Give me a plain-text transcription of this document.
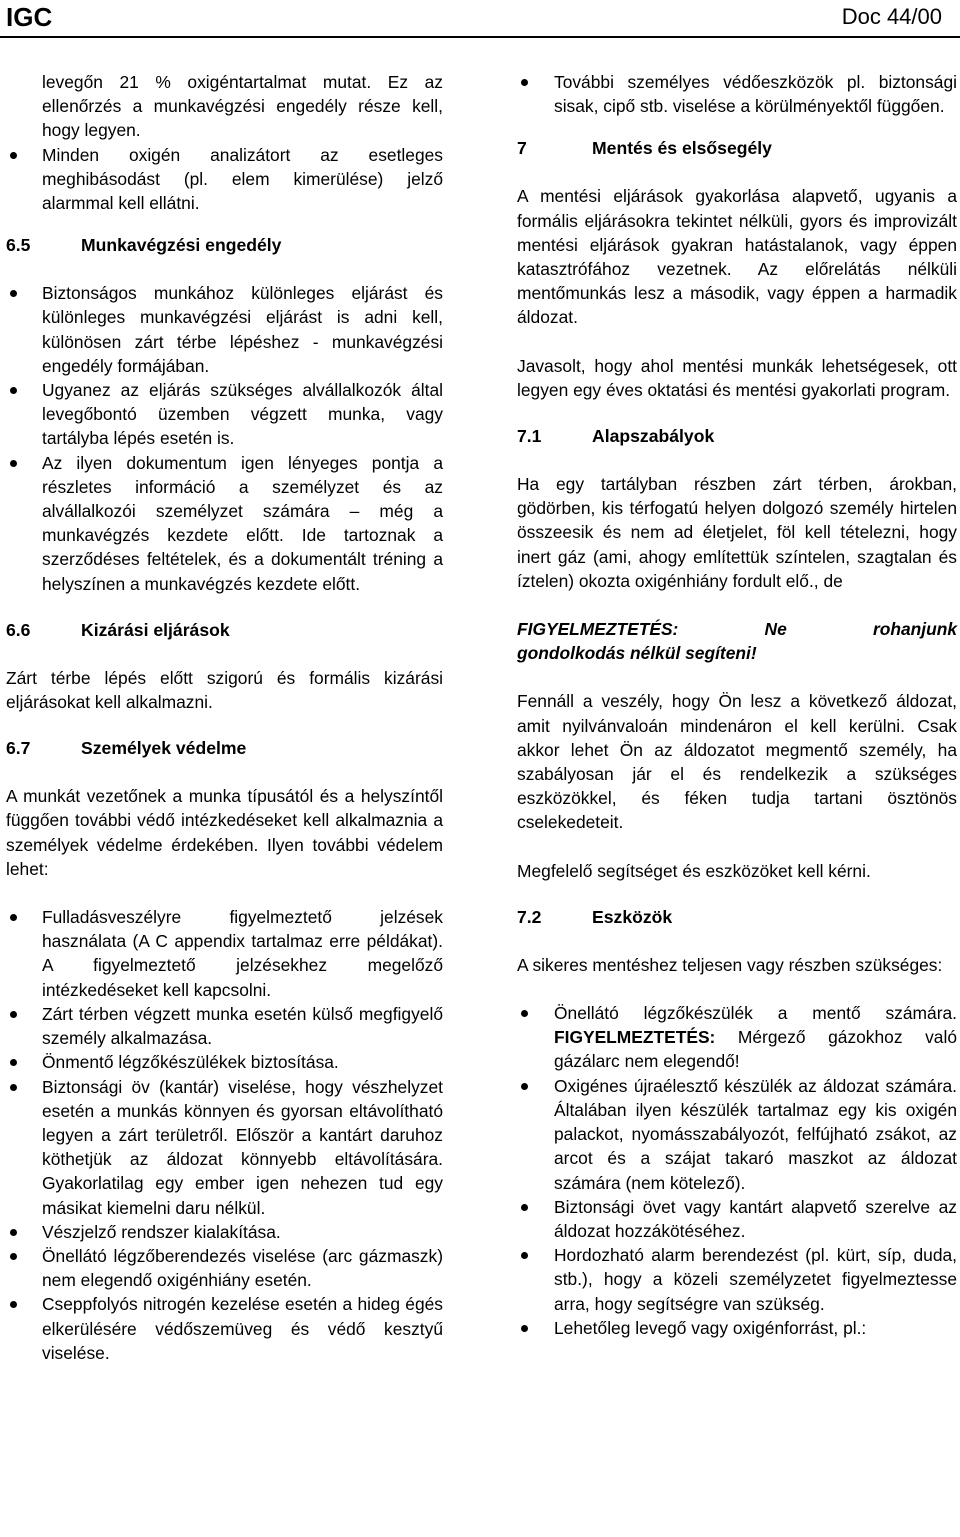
IGC	Doc 44/00
levegőn 21 % oxigéntartalmat mutat. Ez az ellenőrzés a munkavégzési engedély része kell, hogy legyen.
Minden oxigén analizátort az esetleges meghibásodást (pl. elem kimerülése) jelző alarmmal kell ellátni.
6.5	Munkavégzési engedély
Biztonságos munkához különleges eljárást és különleges munkavégzési eljárást is adni kell, különösen zárt térbe lépéshez - munkavégzési engedély formájában.
Ugyanez az eljárás szükséges alvállalkozók által levegőbontó üzemben végzett munka, vagy tartályba lépés esetén is.
Az ilyen dokumentum igen lényeges pontja a részletes információ a személyzet és az alvállalkozói személyzet számára – még a munkavégzés kezdete előtt. Ide tartoznak a szerződéses feltételek, és a dokumentált tréning a helyszínen a munkavégzés kezdete előtt.
6.6	Kizárási eljárások

Zárt térbe lépés előtt szigorú és formális kizárási eljárásokat kell alkalmazni.

6.7	Személyek védelme

A munkát vezetőnek a munka típusától és a helyszíntől függően további védő intézkedéseket kell alkalmaznia a személyek védelme érdekében. Ilyen további védelem lehet:

Fulladásveszélyre figyelmeztető jelzések használata (A C appendix tartalmaz erre példákat). A figyelmeztető jelzésekhez megelőző intézkedéseket kell kapcsolni.
Zárt térben végzett munka esetén külső megfigyelő személy alkalmazása.
Önmentő légzőkészülékek biztosítása.
Biztonsági öv (kantár) viselése, hogy vészhelyzet esetén a munkás könnyen és gyorsan eltávolítható legyen a zárt területről. Először a kantárt daruhoz köthetjük az áldozat könnyebb eltávolítására. Gyakorlatilag egy ember igen nehezen tud egy másikat kiemelni daru nélkül.
Vészjelző rendszer kialakítása.
Önellátó légzőberendezés viselése (arc gázmaszk) nem elegendő oxigénhiány esetén.
Cseppfolyós nitrogén kezelése esetén a hideg égés elkerülésére védőszemüveg és védő kesztyű viselése.
További személyes védőeszközök pl. biztonsági sisak, cipő stb. viselése a körülményektől függően.
7	Mentés és elsősegély

A mentési eljárások gyakorlása alapvető, ugyanis a formális eljárásokra tekintet nélküli, gyors és improvizált mentési eljárások gyakran hatástalanok, vagy éppen katasztrófához vezetnek. Az előrelátás nélküli mentőmunkás lesz a második, vagy éppen a harmadik áldozat.

Javasolt, hogy ahol mentési munkák lehetségesek, ott legyen egy éves oktatási és mentési gyakorlati program.

7.1	Alapszabályok

Ha egy tartályban részben zárt térben, árokban, gödörben, kis térfogatú helyen dolgozó személy hirtelen összeesik és nem ad életjelet, föl kell tételezni, hogy inert gáz (ami, ahogy említettük színtelen, szagtalan és íztelen) okozta oxigénhiány fordult elő., de

FIGYELMEZTETÉS:	Ne	rohanjunk
gondolkodás nélkül segíteni!

Fennáll a veszély, hogy Ön lesz a következő áldozat, amit nyilvánvaloán mindenáron el kell kerülni. Csak akkor lehet Ön az áldozatot megmentő személy, ha szabályosan jár el és rendelkezik a szükséges eszközökkel, és féken tudja tartani ösztönös cselekedeteit.

Megfelelő segítséget és eszközöket kell kérni.

7.2	Eszközök

A sikeres mentéshez teljesen vagy részben szükséges:

Önellátó légzőkészülék a mentő számára. FIGYELMEZTETÉS: Mérgező gázokhoz való gázálarc nem elegendő!
Oxigénes újraélesztő készülék az áldozat számára. Általában ilyen készülék tartalmaz egy kis oxigén palackot, nyomásszabályozót, felfújható zsákot, az arcot és a szájat takaró maszkot az áldozat számára (nem kötelező).
Biztonsági övet vagy kantárt alapvető szerelve az áldozat hozzákötéséhez.
Hordozható alarm berendezést (pl. kürt, síp, duda, stb.), hogy a közeli személyzetet figyelmeztesse arra, hogy segítségre van szükség.
Lehetőleg levegő vagy oxigénforrást, pl.:
